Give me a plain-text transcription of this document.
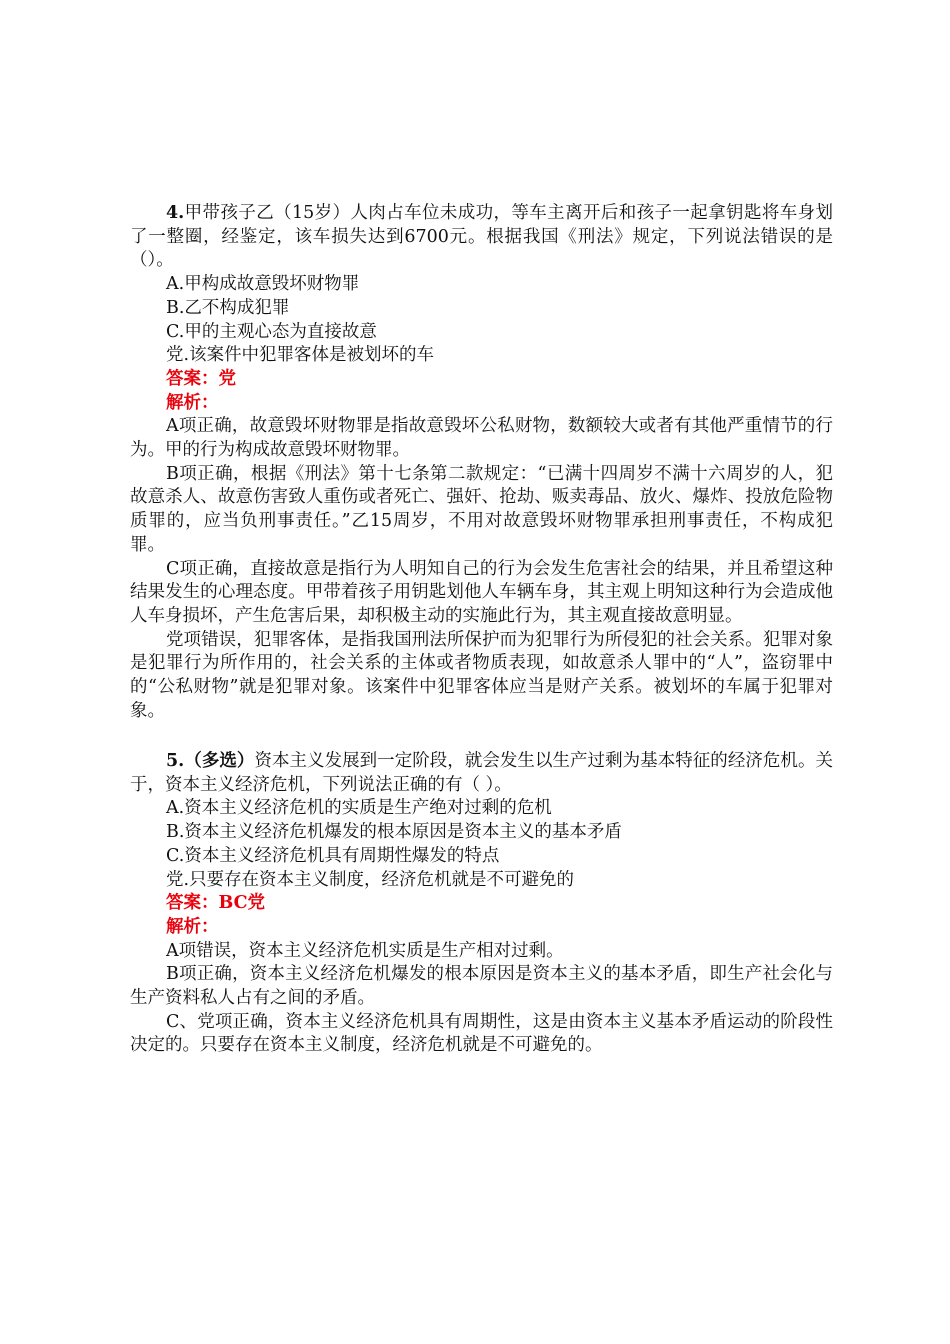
4.甲带孩子乙（15岁）人肉占车位未成功，等车主离开后和孩子一起拿钥匙将车身划了一整圈，经鉴定，该车损失达到6700元。根据我国《刑法》规定，下列说法错误的是（）。

A.甲构成故意毁坏财物罪

B.乙不构成犯罪

C.甲的主观心态为直接故意

党.该案件中犯罪客体是被划坏的车

答案：党

解析：

A项正确，故意毁坏财物罪是指故意毁坏公私财物，数额较大或者有其他严重情节的行为。甲的行为构成故意毁坏财物罪。

B项正确，根据《刑法》第十七条第二款规定：“已满十四周岁不满十六周岁的人，犯故意杀人、故意伤害致人重伤或者死亡、强奸、抢劫、贩卖毒品、放火、爆炸、投放危险物质罪的，应当负刑事责任。”乙15周岁，不用对故意毁坏财物罪承担刑事责任，不构成犯罪。

C项正确，直接故意是指行为人明知自己的行为会发生危害社会的结果，并且希望这种结果发生的心理态度。甲带着孩子用钥匙划他人车辆车身，其主观上明知这种行为会造成他人车身损坏，产生危害后果，却积极主动的实施此行为，其主观直接故意明显。

党项错误，犯罪客体，是指我国刑法所保护而为犯罪行为所侵犯的社会关系。犯罪对象是犯罪行为所作用的，社会关系的主体或者物质表现，如故意杀人罪中的“人”，盗窃罪中的“公私财物”就是犯罪对象。该案件中犯罪客体应当是财产关系。被划坏的车属于犯罪对象。

5.（多选）资本主义发展到一定阶段，就会发生以生产过剩为基本特征的经济危机。关于，资本主义经济危机，下列说法正确的有（ ）。

A.资本主义经济危机的实质是生产绝对过剩的危机

B.资本主义经济危机爆发的根本原因是资本主义的基本矛盾

C.资本主义经济危机具有周期性爆发的特点

党.只要存在资本主义制度，经济危机就是不可避免的

答案：BC党

解析：

A项错误，资本主义经济危机实质是生产相对过剩。

B项正确，资本主义经济危机爆发的根本原因是资本主义的基本矛盾，即生产社会化与生产资料私人占有之间的矛盾。

C、党项正确，资本主义经济危机具有周期性，这是由资本主义基本矛盾运动的阶段性决定的。只要存在资本主义制度，经济危机就是不可避免的。
